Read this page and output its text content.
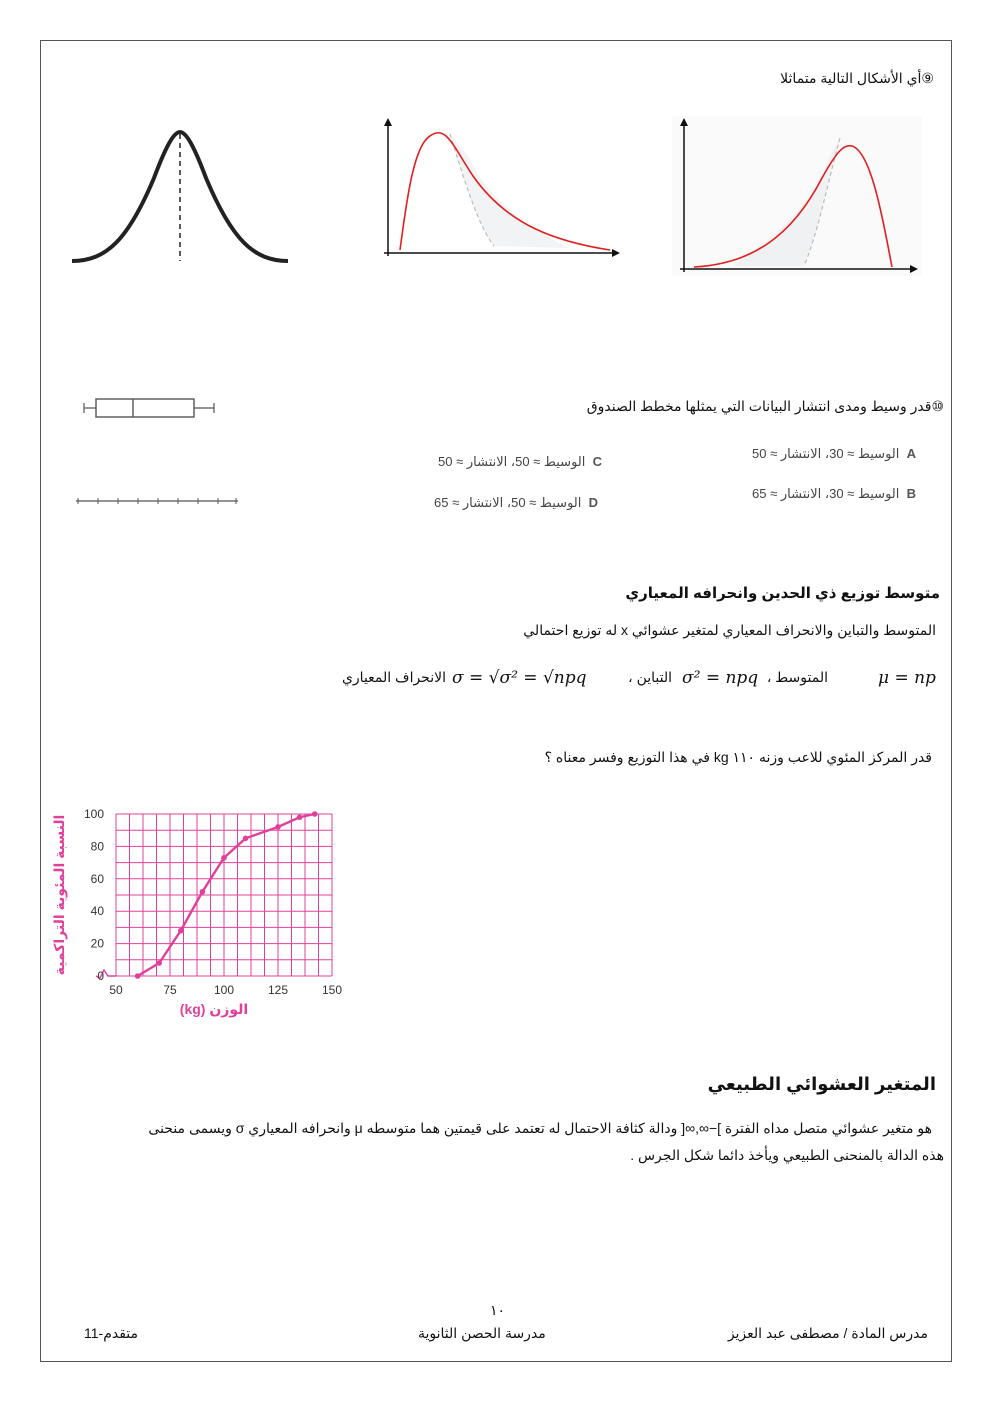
⑨أي الأشكال التالية متماثلا
⑩قدر وسيط ومدى انتشار البيانات التي يمثلها مخطط الصندوق
A  الوسيط ≈ 30، الانتشار ≈ 50
B  الوسيط ≈ 30، الانتشار ≈ 65
C  الوسيط ≈ 50، الانتشار ≈ 50
D  الوسيط ≈ 50، الانتشار ≈ 65
متوسط توزيع ذي الحدين وانحرافه المعياري
المتوسط والتباين والانحراف المعياري لمتغير عشوائي x له توزيع احتمالي
μ = np
المتوسط ،
σ² = npq
التباين ،
σ = √σ² = √npq
الانحراف المعياري
قدر المركز المئوي للاعب وزنه ١١٠ kg في هذا التوزيع وفسر معناه ؟
0
20
40
60
80
100
50	75	100	125	150
الوزن (kg)
النسبة المئوية التراكمية
المتغير العشوائي الطبيعي
هو متغير عشوائي متصل مداه الفترة ]−∞,∞[ ودالة كثافة الاحتمال له تعتمد على قيمتين هما متوسطه μ وانحرافه المعياري σ ويسمى منحنى
هذه الدالة بالمنحنى الطبيعي ويأخذ دائما شكل الجرس .
١٠
مدرس المادة / مصطفى عبد العزيز
مدرسة الحصن الثانوية
11-متقدم
